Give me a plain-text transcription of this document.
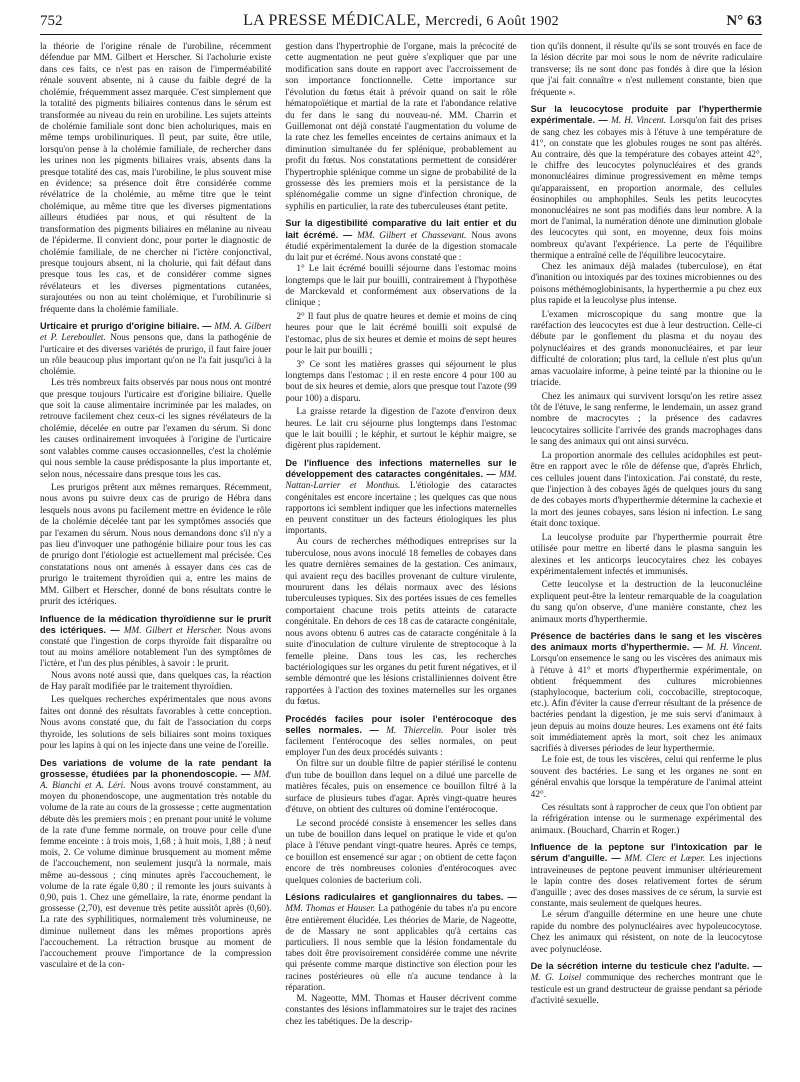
752	LA PRESSE MÉDICALE, Mercredi, 6 Août 1902	N° 63

la théorie de l'origine rénale de l'urobiline, récemment défendue par MM. Gilbert et Herscher. Si l'acholurie existe dans ces faits, ce n'est pas en raison de l'imperméabilité rénale souvent absente, ni à cause du faible degré de la cholémie, fréquemment assez marquée. C'est simplement que la totalité des pigments biliaires contenus dans le sérum est transformée au niveau du rein en urobiline. Les sujets atteints de cholémie familiale sont donc bien acholuriques, mais en même temps urobilinuriques. Il peut, par suite, être utile, lorsqu'on pense à la cholémie familiale, de rechercher dans les urines non les pigments biliaires vrais, absents dans la presque totalité des cas, mais l'urobiline, le plus souvent mise en évidence; sa présence doit être considérée comme révélatrice de la cholémie, au même titre que le teint cholémique, au même titre que les diverses pigmentations ailleurs étudiées par nous, et qui résultent de la transformation des pigments biliaires en mélanine au niveau de l'épiderme. Il convient donc, pour porter le diagnostic de cholémie familiale, de ne chercher ni l'ictère conjonctival, presque toujours absent, ni la cholurie, qui fait défaut dans presque tous les cas, et de considérer comme signes révélateurs et les diverses pigmentations cutanées, surajoutées ou non au teint cholémique, et l'urobilinurie si fréquente dans la cholémie familiale.

Urticaire et prurigo d'origine biliaire. — MM. A. Gilbert et P. Lereboullet. Nous pensons que, dans la pathogénie de l'urticaire et des diverses variétés de prurigo, il faut faire jouer un rôle beaucoup plus important qu'on ne l'a fait jusqu'ici à la cholémie.

Les très nombreux faits observés par nous nous ont montré que presque toujours l'urticaire est d'origine biliaire. Quelle que soit la cause alimentaire incriminée par les malades, on retrouve facilement chez ceux-ci les signes révélateurs de la cholémie, décelée en outre par l'examen du sérum. Si donc les causes ordinairement invoquées à l'origine de l'urticaire sont valables comme causes occasionnelles, c'est la cholémie qui nous semble la cause prédisposante la plus importante et, selon nous, nécessaire dans presque tous les cas.

Les prurigos prêtent aux mêmes remarques. Récemment, nous avons pu suivre deux cas de prurigo de Hébra dans lesquels nous avons pu facilement mettre en évidence le rôle de la cholémie décelée tant par les symptômes associés que par l'examen du sérum. Nous nous demandons donc s'il n'y a pas lieu d'invoquer une pathogénie biliaire pour tous les cas de prurigo dont l'étiologie est actuellement mal précisée. Ces constatations nous ont amenés à essayer dans ces cas de prurigo le traitement thyroïdien qui a, entre les mains de MM. Gilbert et Herscher, donné de bons résultats contre le prurit des ictériques.

Influence de la médication thyroïdienne sur le prurit des ictériques. — MM. Gilbert et Herscher. Nous avons constaté que l'ingestion de corps thyroïde fait disparaître ou tout au moins améliore notablement l'un des symptômes de l'ictère, et l'un des plus pénibles, à savoir : le prurit.

Nous avons noté aussi que, dans quelques cas, la réaction de Hay paraît modifiée par le traitement thyroïdien.

Les quelques recherches expérimentales que nous avons faites ont donné des résultats favorables à cette conception. Nous avons constaté que, du fait de l'association du corps thyroïde, les solutions de sels biliaires sont moins toxiques pour les lapins à qui on les injecte dans une veine de l'oreille.

Des variations de volume de la rate pendant la grossesse, étudiées par la phonendoscopie. — MM. A. Bianchi et A. Léri. Nous avons trouvé constamment, au moyen du phonendoscope, une augmentation très notable du volume de la rate au cours de la grossesse ; cette augmentation débute dès les premiers mois ; en prenant pour unité le volume de la rate d'une femme normale, on trouve pour celle d'une femme enceinte : à trois mois, 1,68 ; à huit mois, 1,88 ; à neuf mois, 2. Ce volume diminue brusquement au moment même de l'accouchement, non seulement jusqu'à la normale, mais même au-dessous ; cinq minutes après l'accouchement, le volume de la rate égale 0,80 ; il remonte les jours suivants à 0,90, puis 1. Chez une gémellaire, la rate, énorme pendant la grossesse (2,70), est devenue très petite aussitôt après (0,60). La rate des syphilitiques, normalement très volumineuse, ne diminue nullement dans les mêmes proportions après l'accouchement. La rétraction brusque au moment de l'accouchement prouve l'importance de la compression vasculaire et de la con-

gestion dans l'hypertrophie de l'organe, mais la précocité de cette augmentation ne peut guère s'expliquer que par une modification sans doute en rapport avec l'accroissement de son importance fonctionnelle. Cette importance sur l'évolution du fœtus était à prévoir quand on sait le rôle hématopoïétique et martial de la rate et l'abondance relative du fer dans le sang du nouveau-né. MM. Charrin et Guillemonat ont déjà constaté l'augmentation du volume de la rate chez les femelles enceintes de certains animaux et la diminution simultanée du fer splénique, probablement au profit du fœtus. Nos constatations permettent de considérer l'hypertrophie splénique comme un signe de probabilité de la grossesse dès les premiers mois et la persistance de la splénomégalie comme un signe d'infection chronique, de syphilis en particulier, la rate des tuberculeuses étant petite.

Sur la digestibilité comparative du lait entier et du lait écrémé. — MM. Gilbert et Chassevant. Nous avons étudié expérimentalement la durée de la digestion stomacale du lait pur et écrémé. Nous avons constaté que :

1° Le lait écrémé bouilli séjourne dans l'estomac moins longtemps que le lait pur bouilli, contrairement à l'hypothèse de Marckevald et conformément aux observations de la clinique ;

2° Il faut plus de quatre heures et demie et moins de cinq heures pour que le lait écrémé bouilli soit expulsé de l'estomac, plus de six heures et demie et moins de sept heures pour le lait pur bouilli ;

3° Ce sont les matières grasses qui séjournent le plus longtemps dans l'estomac ; il en reste encore 4 pour 100 au bout de six heures et demie, alors que presque tout l'azote (99 pour 100) a disparu.

La graisse retarde la digestion de l'azote d'environ deux heures. Le lait cru séjourne plus longtemps dans l'estomac que le lait bouilli ; le képhir, et surtout le képhir maigre, se digèrent plus rapidement.

De l'influence des infections maternelles sur le développement des cataractes congénitales. — MM. Nattan-Larrier et Monthus. L'étiologie des cataractes congénitales est encore incertaine ; les quelques cas que nous rapportons ici semblent indiquer que les infections maternelles en peuvent constituer un des facteurs étiologiques les plus importants.

Au cours de recherches méthodiques entreprises sur la tuberculose, nous avons inoculé 18 femelles de cobayes dans les quatre dernières semaines de la gestation. Ces animaux, qui avaient reçu des bacilles provenant de culture virulente, moururent dans les délais normaux avec des lésions tuberculeuses typiques. Six des portées issues de ces femelles comportaient chacune trois petits atteints de cataracte congénitale. En dehors de ces 18 cas de cataracte congénitale, nous avons obtenu 6 autres cas de cataracte congénitale à la suite d'inoculation de culture virulente de streptocoque à la femelle pleine. Dans tous les cas, les recherches bactériologiques sur les organes du petit furent négatives, et il semble démontré que les lésions cristalliniennes doivent être rapportées à l'action des toxines maternelles sur les organes du fœtus.

Procédés faciles pour isoler l'entérocoque des selles normales. — M. Thiercelin. Pour isoler très facilement l'entérocoque des selles normales, on peut employer l'un des deux procédés suivants :

On filtre sur un double filtre de papier stérilisé le contenu d'un tube de bouillon dans lequel on a dilué une parcelle de matières fécales, puis on ensemence ce bouillon filtré à la surface de plusieurs tubes d'agar. Après vingt-quatre heures d'étuve, on obtient des cultures où domine l'entérocoque.

Le second procédé consiste à ensemencer les selles dans un tube de bouillon dans lequel on pratique le vide et qu'on place à l'étuve pendant vingt-quatre heures. Après ce temps, ce bouillon est ensemencé sur agar ; on obtient de cette façon encore de très nombreuses colonies d'entérocoques avec quelques colonies de bacterium coli.

Lésions radiculaires et ganglionnaires du tabes. — MM. Thomas et Hauser. La pathogénie du tabes n'a pu encore être entièrement élucidée. Les théories de Marie, de Nageotte, de de Massary ne sont applicables qu'à certains cas particuliers. Il nous semble que la lésion fondamentale du tabes doit être provisoirement considérée comme une névrite qui présente comme marque distinctive son élection pour les racines postérieures où elle n'a aucune tendance à la réparation.

M. Nageotte, MM. Thomas et Hauser décrivent comme constantes des lésions inflammatoires sur le trajet des racines chez les tabétiques. De la descrip-

tion qu'ils donnent, il résulte qu'ils se sont trouvés en face de la lésion décrite par moi sous le nom de névrite radiculaire transverse; ils ne sont donc pas fondés à dire que la lésion que j'ai fait connaître « n'est nullement constante, bien que fréquente ».

Sur la leucocytose produite par l'hyperthermie expérimentale. — M. H. Vincent. Lorsqu'on fait des prises de sang chez les cobayes mis à l'étuve à une température de 41°, on constate que les globules rouges ne sont pas altérés. Au contraire, dès que la température des cobayes atteint 42°, le chiffre des leucocytes polynucléaires et des grands mononucléaires diminue progressivement en même temps qu'apparaissent, en proportion anormale, des cellules éosinophiles ou amphophiles. Seuls les petits leucocytes mononucléaires ne sont pas modifiés dans leur nombre. A la mort de l'animal, la numération dénote une diminution globale des leucocytes qui sont, en moyenne, deux fois moins nombreux qu'avant l'expérience. La perte de l'équilibre thermique a entraîné celle de l'équilibre leucocytaire.

Chez les animaux déjà malades (tuberculose), en état d'inanition ou intoxiqués par des toxines microbiennes ou des poisons méthémoglobinisants, la hyperthermie a pu chez eux plus rapide et la leucolyse plus intense.

L'examen microscopique du sang montre que la raréfaction des leucocytes est due à leur destruction. Celle-ci débute par le gonflement du plasma et du noyau des polynucléaires et des grands mononucléaires, et par leur difficulté de coloration; plus tard, la cellule n'est plus qu'un amas vacuolaire informe, à peine teinté par la thionine ou le triacide.

Chez les animaux qui survivent lorsqu'on les retire assez tôt de l'étuve, le sang renferme, le lendemain, un assez grand nombre de macrocytes ; la présence des cadavres leucocytaires sollicite l'arrivée des grands macrophages dans le sang des animaux qui ont ainsi survécu.

La proportion anormale des cellules acidophiles est peut-être en rapport avec le rôle de défense que, d'après Ehrlich, ces cellules jouent dans l'intoxication. J'ai constaté, du reste, que l'injection à des cobayes âgés de quelques jours du sang de des cobayes morts d'hyperthermie détermine la cachexie et la mort des jeunes cobayes, sans lésion ni infection. Le sang était donc toxique.

La leucolyse produite par l'hyperthermie pourrait être utilisée pour mettre en liberté dans le plasma sanguin les alexines et les anticorps leucocytaires chez les cobayes expérimentalement infectés et immunisés.

Cette leucolyse et la destruction de la leuconucléine expliquent peut-être la lenteur remarquable de la coagulation du sang qu'on observe, d'une manière constante, chez les animaux morts d'hyperthermie.

Présence de bactéries dans le sang et les viscères des animaux morts d'hyperthermie. — M. H. Vincent. Lorsqu'on ensemence le sang ou les viscères des animaux mis à l'étuve à 41° et morts d'hyperthermie expérimentale, on obtient fréquemment des cultures microbiennes (staphylocoque, bacterium coli, coccobacille, streptocoque, etc.). Afin d'éviter la cause d'erreur résultant de la présence de bactéries pendant la digestion, je me suis servi d'animaux à jeun depuis au moins douze heures. Les examens ont été faits soit immédiatement après la mort, soit chez les animaux sacrifiés à diverses périodes de leur hyperthermie.

Le foie est, de tous les viscères, celui qui renferme le plus souvent des bactéries. Le sang et les organes ne sont en général envahis que lorsque la température de l'animal atteint 42°.

Ces résultats sont à rapprocher de ceux que l'on obtient par la réfrigération intense ou le surmenage expérimental des animaux. (Bouchard, Charrin et Roger.)

Influence de la peptone sur l'intoxication par le sérum d'anguille. — MM. Clerc et Lœper. Les injections intraveineuses de peptone peuvent immuniser ultérieurement le lapin contre des doses relativement fortes de sérum d'anguille ; avec des doses massives de ce sérum, la survie est constante, mais seulement de quelques heures.

Le sérum d'anguille détermine en une heure une chute rapide du nombre des polynucléaires avec hypoleucocytose. Chez les animaux qui résistent, on note de la leucocytose avec polynucléose.

De la sécrétion interne du testicule chez l'adulte. — M. G. Loisel communique des recherches montrant que le testicule est un grand destructeur de graisse pendant sa période d'activité sexuelle.
